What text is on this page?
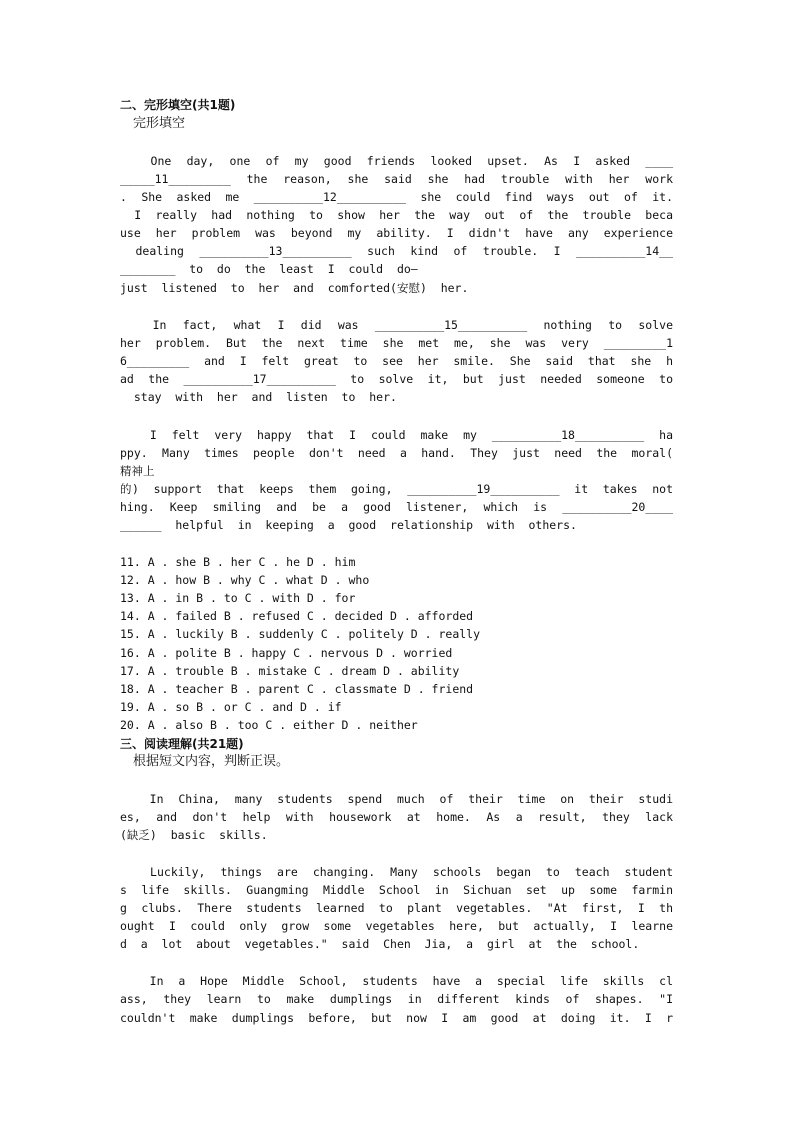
二、完形填空(共1题)
完形填空
One  day,  one  of  my  good  friends  looked  upset.  As  I  asked  ____
_____11_________  the  reason,  she  said  she  had  trouble  with  her  work
.  She  asked  me  __________12__________  she  could  find  ways  out  of  it.
I  really  had  nothing  to  show  her  the  way  out  of  the  trouble  beca
use  her  problem  was  beyond  my  ability.  I  didn't  have  any  experience
dealing  __________13__________  such  kind  of  trouble.  I  __________14__
________  to  do  the  least  I  could  do—
just  listened  to  her  and  comforted(安慰)  her.
In  fact,  what  I  did  was  __________15__________  nothing  to  solve
her  problem.  But  the  next  time  she  met  me,  she  was  very  _________1
6_________  and  I  felt  great  to  see  her  smile.  She  said  that  she  h
ad  the  __________17__________  to  solve  it,  but  just  needed  someone  to
stay  with  her  and  listen  to  her.
I  felt  very  happy  that  I  could  make  my  __________18__________  ha
ppy.  Many  times  people  don't  need  a  hand.  They  just  need  the  moral(
精神上
的)  support  that  keeps  them  going,  __________19__________  it  takes  not
hing.  Keep  smiling  and  be  a  good  listener,  which  is  __________20____
______  helpful  in  keeping  a  good  relationship  with  others.
11. A . she B . her C . he D . him
12. A . how B . why C . what D . who
13. A . in B . to C . with D . for
14. A . failed B . refused C . decided D . afforded
15. A . luckily B . suddenly C . politely D . really
16. A . polite B . happy C . nervous D . worried
17. A . trouble B . mistake C . dream D . ability
18. A . teacher B . parent C . classmate D . friend
19. A . so B . or C . and D . if
20. A . also B . too C . either D . neither
三、阅读理解(共21题)
根据短文内容，判断正误。
In  China,  many  students  spend  much  of  their  time  on  their  studi
es,  and  don't  help  with  housework  at  home.  As  a  result,  they  lack
(缺乏)  basic  skills.
Luckily,  things  are  changing.  Many  schools  began  to  teach  student
s  life  skills.  Guangming  Middle  School  in  Sichuan  set  up  some  farmin
g  clubs.  There  students  learned  to  plant  vegetables.  "At  first,  I  th
ought  I  could  only  grow  some  vegetables  here,  but  actually,  I  learne
d  a  lot  about  vegetables."  said  Chen  Jia,  a  girl  at  the  school.
In  a  Hope  Middle  School,  students  have  a  special  life  skills  cl
ass,  they  learn  to  make  dumplings  in  different  kinds  of  shapes.  "I
couldn't  make  dumplings  before,  but  now  I  am  good  at  doing  it.  I  r
